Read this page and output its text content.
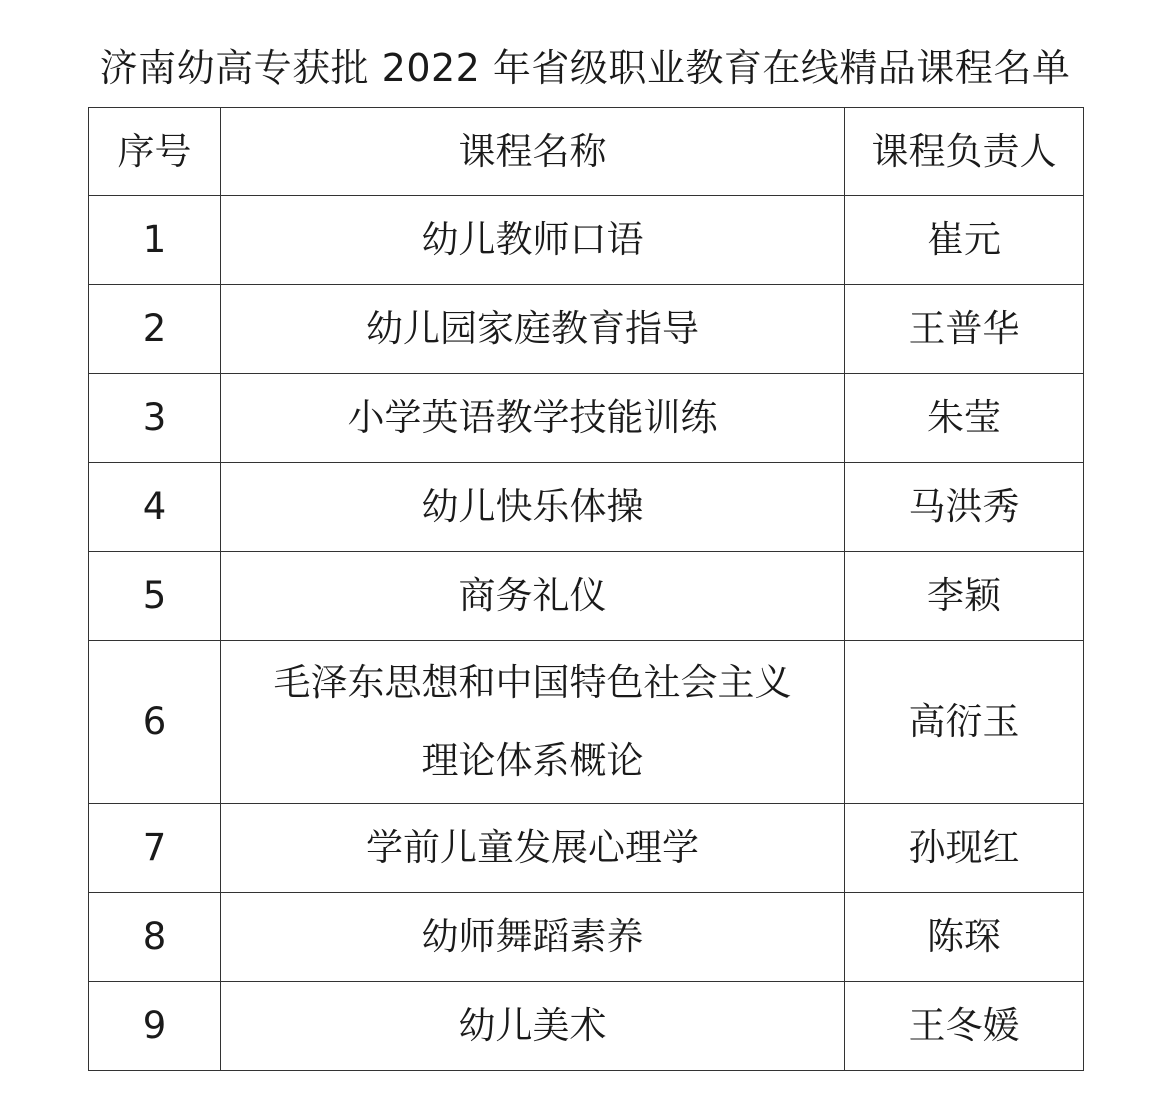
济南幼高专获批 2022 年省级职业教育在线精品课程名单
序号	课程名称	课程负责人

1	幼儿教师口语	崔元

2	幼儿园家庭教育指导	王普华

3	小学英语教学技能训练	朱莹

4	幼儿快乐体操	马洪秀

5	商务礼仪	李颖

6	毛泽东思想和中国特色社会主义
理论体系概论	高衍玉

7	学前儿童发展心理学	孙现红

8	幼师舞蹈素养	陈琛

9	幼儿美术	王冬媛
